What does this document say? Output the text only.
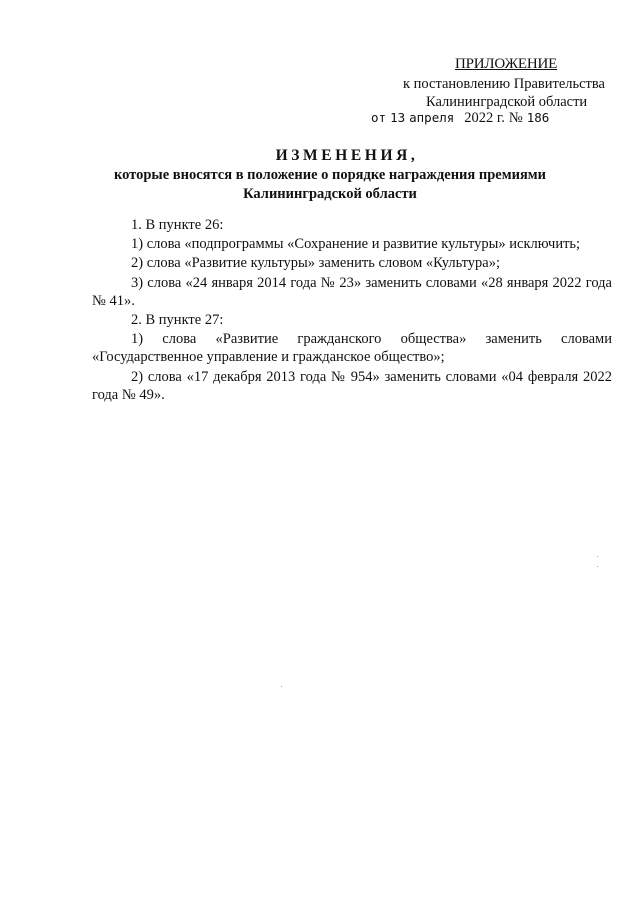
ПРИЛОЖЕНИЕ
к постановлению Правительства
Калининградской области
от 13 апреля 2022 г. № 186
ИЗМЕНЕНИЯ,
которые вносятся в положение о порядке награждения премиями
Калининградской области

1. В пункте 26:

1) слова «подпрограммы «Сохранение и развитие культуры» исключить;

2) слова «Развитие культуры» заменить словом «Культура»;

3) слова «24 января 2014 года № 23» заменить словами «28 января 2022 года № 41».

2. В пункте 27:

1) слова «Развитие гражданского общества» заменить словами «Государственное управление и гражданское общество»;

2) слова «17 декабря 2013 года № 954» заменить словами «04 февраля 2022 года № 49».
